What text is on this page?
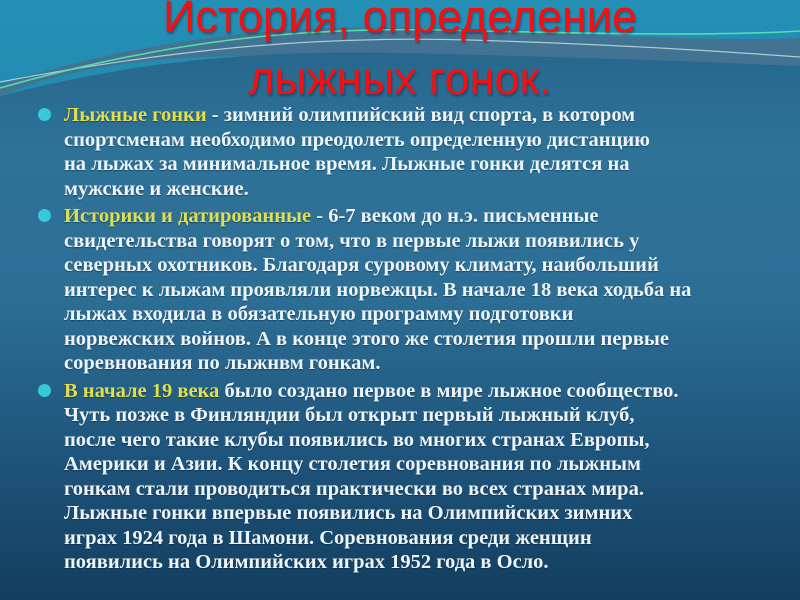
История, определение
лыжных гонок.
Лыжные гонки - зимний олимпийский вид спорта, в котором
спортсменам необходимо преодолеть определенную дистанцию
на лыжах за минимальное время. Лыжные гонки делятся на
мужские и женские.
Историки и датированные - 6-7 веком до н.э. письменные
свидетельства говорят о том, что в первые лыжи появились у
северных охотников. Благодаря суровому климату, наибольший
интерес к лыжам проявляли норвежцы. В начале 18 века ходьба на
лыжах входила в обязательную программу подготовки
норвежских войнов. А в конце этого же столетия прошли первые
соревнования по лыжнвм гонкам.
В начале 19 века было создано первое в мире лыжное сообщество.
Чуть позже в Финляндии был открыт первый лыжный клуб,
после чего такие клубы появились во многих странах Европы,
Америки и Азии. К концу столетия соревнования по лыжным
гонкам стали проводиться практически во всех странах мира.
Лыжные гонки впервые появились на Олимпийских зимних
играх 1924 года в Шамони. Соревнования среди женщин
появились на Олимпийских играх 1952 года в Осло.
